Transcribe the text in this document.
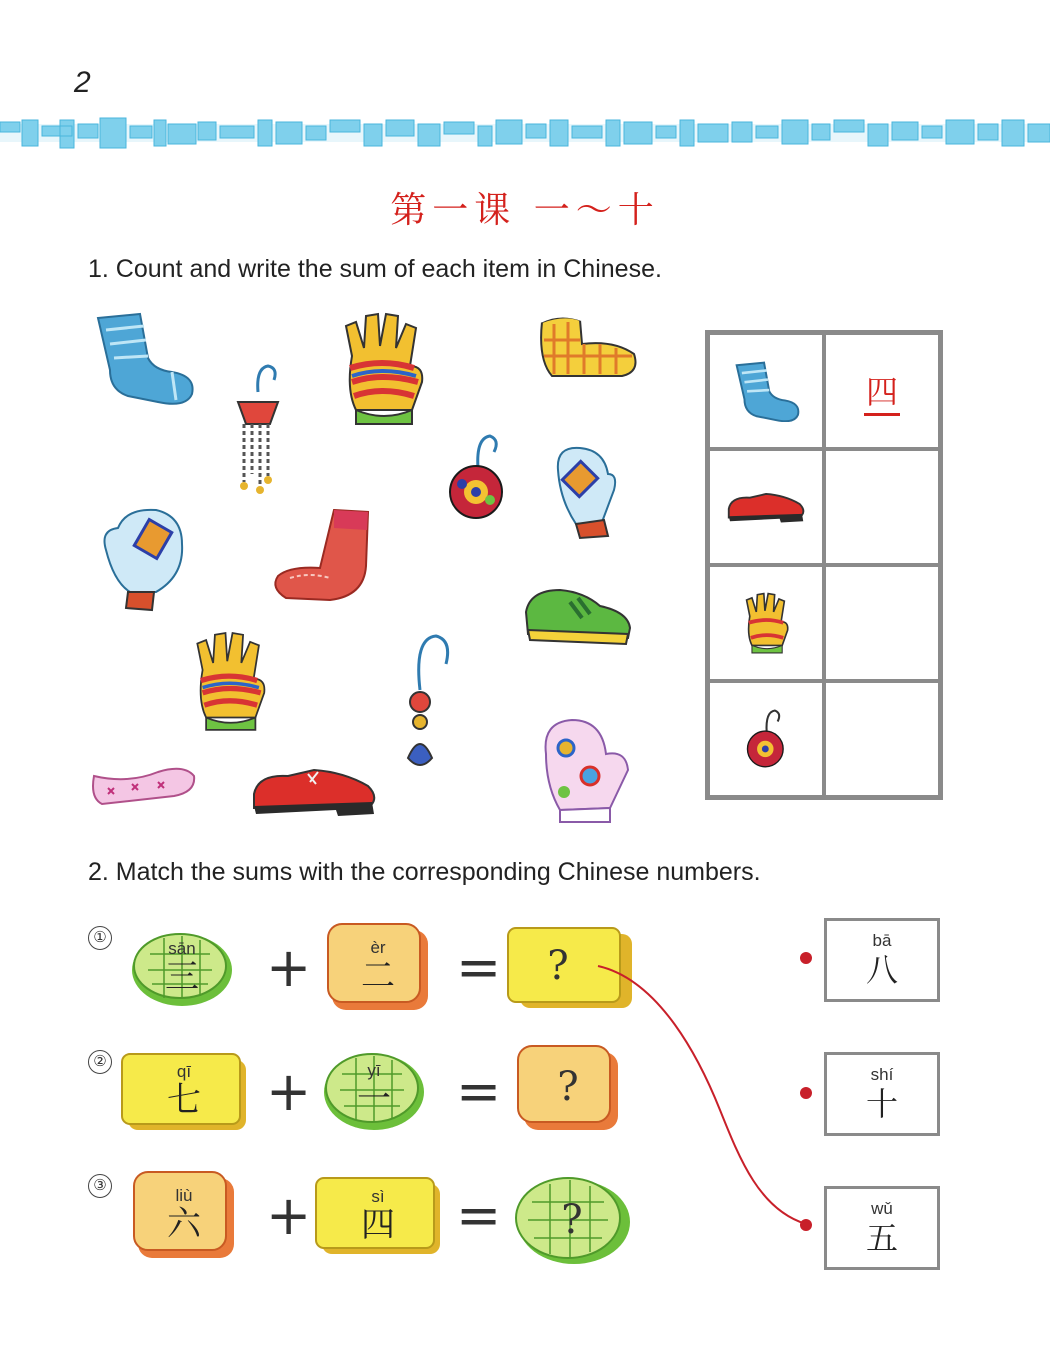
2
第一课 一～十
1. Count and write the sum of each item in Chinese.
四
2. Match the sums with the corresponding Chinese numbers.
①
sān
三 +	èr
二 = ?
②
qī
七 +	yī
一 = ?
③
liù
六 +	sì
四 = ?
bā
八
shí
十
wǔ
五
